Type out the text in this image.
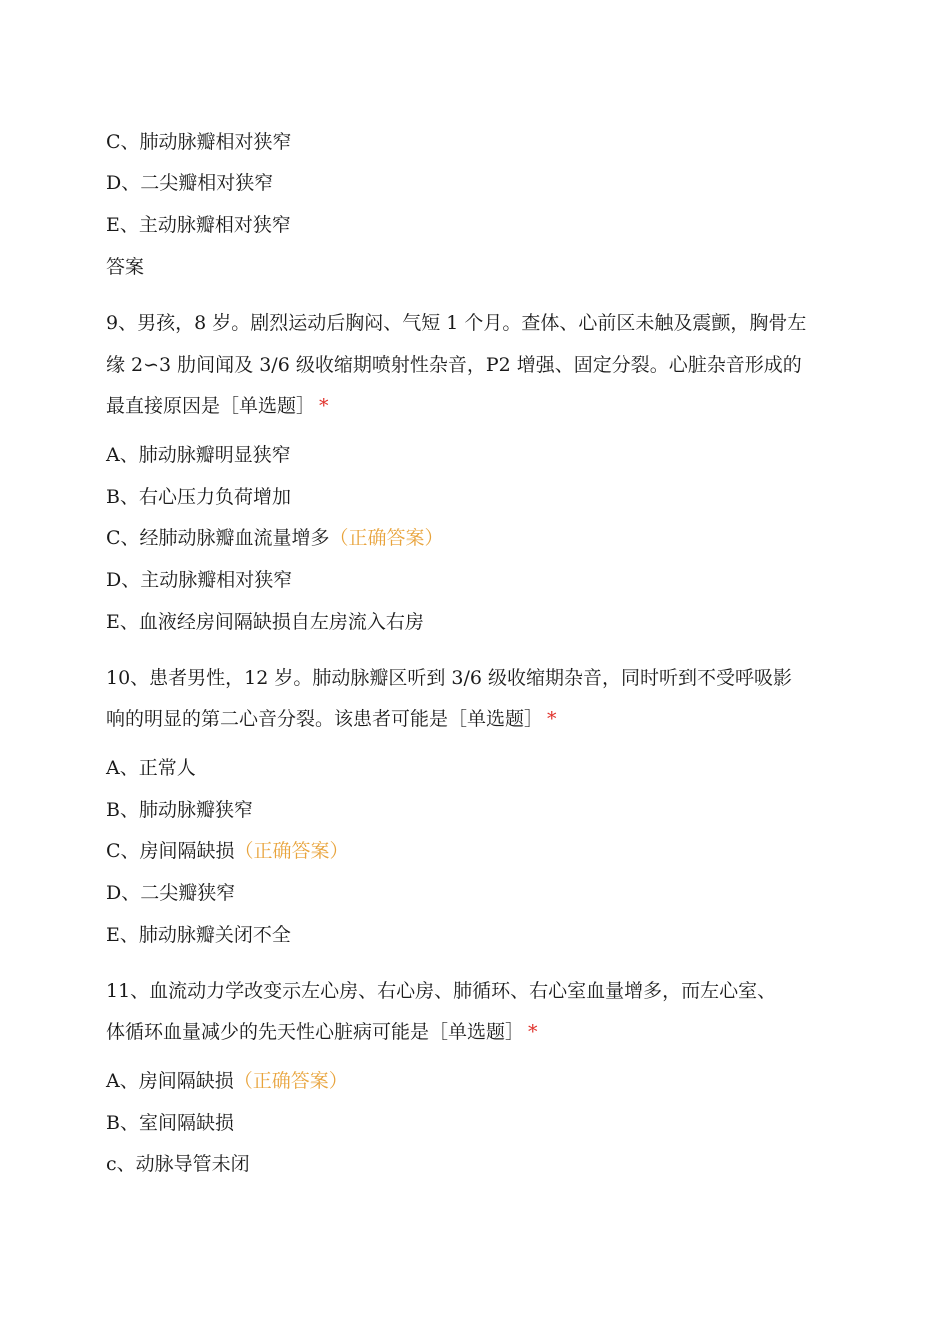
C、肺动脉瓣相对狭窄
D、二尖瓣相对狭窄
E、主动脉瓣相对狭窄
答案
9、男孩，8 岁。剧烈运动后胸闷、气短 1 个月。查体、心前区未触及震颤，胸骨左
缘 2∽3 肋间闻及 3/6 级收缩期喷射性杂音，P2 增强、固定分裂。心脏杂音形成的
最直接原因是［单选题］ *
A、肺动脉瓣明显狭窄
B、右心压力负荷增加
C、经肺动脉瓣血流量增多（正确答案）
D、主动脉瓣相对狭窄
E、血液经房间隔缺损自左房流入右房
10、患者男性，12 岁。肺动脉瓣区听到 3/6 级收缩期杂音，同时听到不受呼吸影
响的明显的第二心音分裂。该患者可能是［单选题］ *
A、正常人
B、肺动脉瓣狭窄
C、房间隔缺损（正确答案）
D、二尖瓣狭窄
E、肺动脉瓣关闭不全
11、血流动力学改变示左心房、右心房、肺循环、右心室血量增多，而左心室、
体循环血量减少的先天性心脏病可能是［单选题］ *
A、房间隔缺损（正确答案）
B、室间隔缺损
c、动脉导管未闭
